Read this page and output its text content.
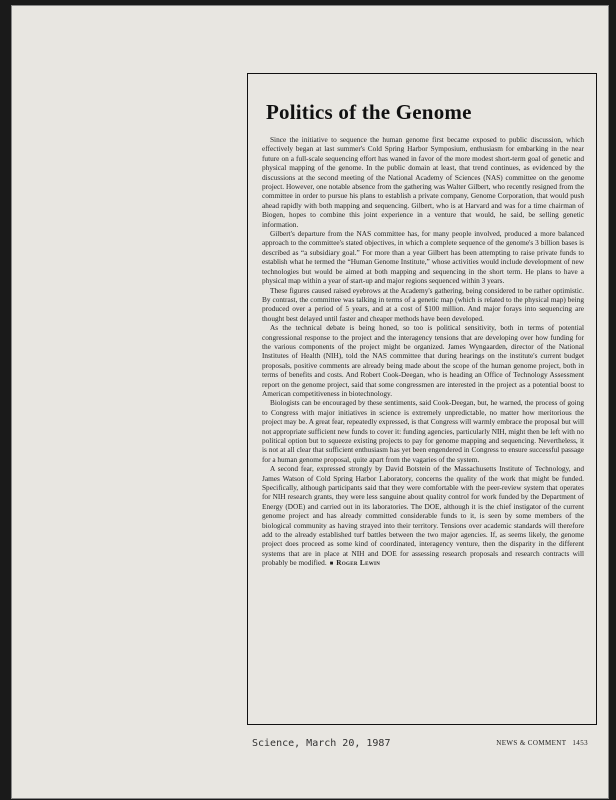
Politics of the Genome

Since the initiative to sequence the human genome first became exposed to public discussion, which effectively began at last summer's Cold Spring Harbor Symposium, enthusiasm for embarking in the near future on a full-scale sequencing effort has waned in favor of the more modest short-term goal of genetic and physical mapping of the genome. In the public domain at least, that trend continues, as evidenced by the discussions at the second meeting of the National Academy of Sciences (NAS) committee on the genome project. However, one notable absence from the gathering was Walter Gilbert, who recently resigned from the committee in order to pursue his plans to establish a private company, Genome Corporation, that would push ahead rapidly with both mapping and sequencing. Gilbert, who is at Harvard and was for a time chairman of Biogen, hopes to combine this joint experience in a venture that would, he said, be selling genetic information.

Gilbert's departure from the NAS committee has, for many people involved, produced a more balanced approach to the committee's stated objectives, in which a complete sequence of the genome's 3 billion bases is described as “a subsidiary goal.” For more than a year Gilbert has been attempting to raise private funds to establish what he termed the “Human Genome Institute,” whose activities would include development of new technologies but would be aimed at both mapping and sequencing in the short term. He plans to have a physical map within a year of start-up and major regions sequenced within 3 years.

These figures caused raised eyebrows at the Academy's gathering, being considered to be rather optimistic. By contrast, the committee was talking in terms of a genetic map (which is related to the physical map) being produced over a period of 5 years, and at a cost of $100 million. And major forays into sequencing are thought best delayed until faster and cheaper methods have been developed.

As the technical debate is being honed, so too is political sensitivity, both in terms of potential congressional response to the project and the interagency tensions that are developing over how funding for the various components of the project might be organized. James Wyngaarden, director of the National Institutes of Health (NIH), told the NAS committee that during hearings on the institute's current budget proposals, positive comments are already being made about the scope of the human genome project, both in terms of benefits and costs. And Robert Cook-Deegan, who is heading an Office of Technology Assessment report on the genome project, said that some congressmen are interested in the project as a potential boost to American competitiveness in biotechnology.

Biologists can be encouraged by these sentiments, said Cook-Deegan, but, he warned, the process of going to Congress with major initiatives in science is extremely unpredictable, no matter how meritorious the project may be. A great fear, repeatedly expressed, is that Congress will warmly embrace the proposal but will not appropriate sufficient new funds to cover it: funding agencies, particularly NIH, might then be left with no political option but to squeeze existing projects to pay for genome mapping and sequencing. Nevertheless, it is not at all clear that sufficient enthusiasm has yet been engendered in Congress to ensure successful passage for a human genome proposal, quite apart from the vagaries of the system.

A second fear, expressed strongly by David Botstein of the Massachusetts Institute of Technology, and James Watson of Cold Spring Harbor Laboratory, concerns the quality of the work that might be funded. Specifically, although participants said that they were comfortable with the peer-review system that operates for NIH research grants, they were less sanguine about quality control for work funded by the Department of Energy (DOE) and carried out in its laboratories. The DOE, although it is the chief instigator of the current genome project and has already committed considerable funds to it, is seen by some members of the biological community as having strayed into their territory. Tensions over academic standards will therefore add to the already established turf battles between the two major agencies. If, as seems likely, the genome project does proceed as some kind of coordinated, interagency venture, then the disparity in the different systems that are in place at NIH and DOE for assessing research proposals and research contracts will probably be modified. ■ Roger Lewin

Science, March 20, 1987	NEWS & COMMENT 1453
